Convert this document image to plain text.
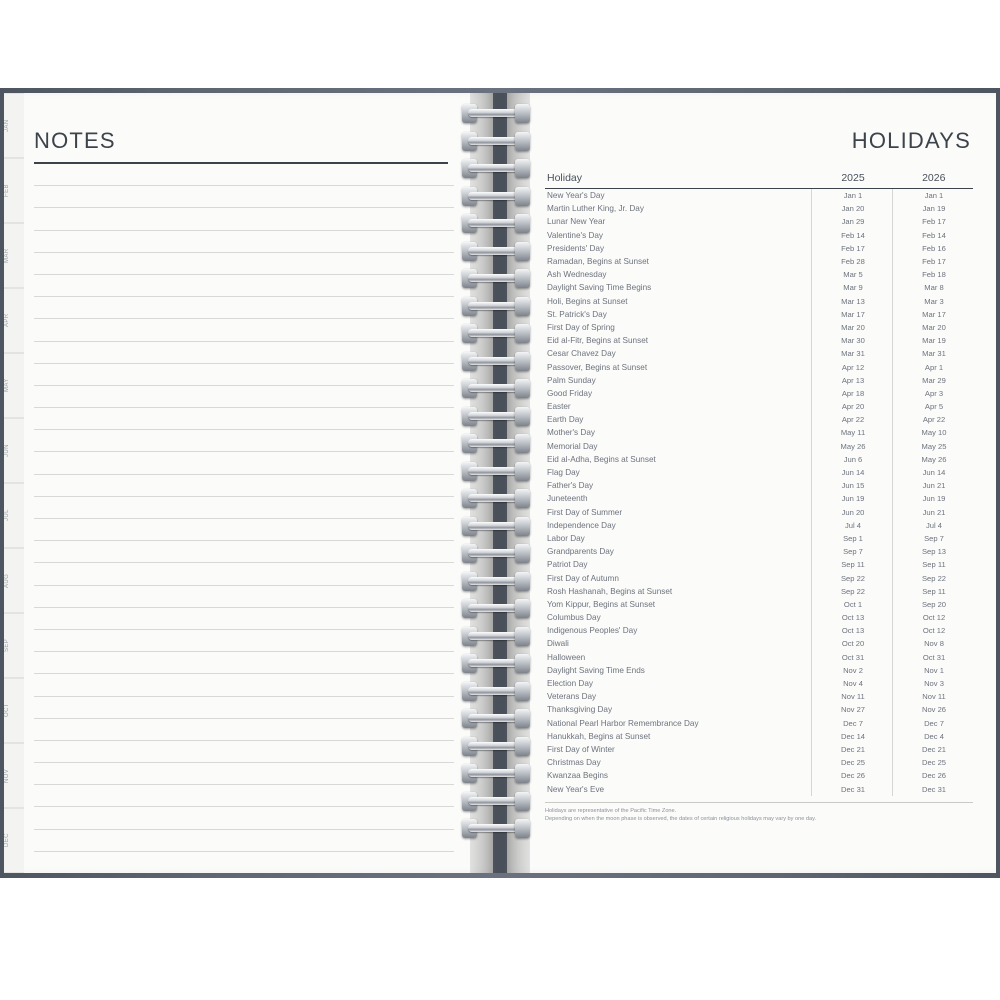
JAN
FEB
MAR
APR
MAY
JUN
JUL
AUG
SEP
OCT
NOV
DEC
NOTES	HOLIDAYS
Holiday	2025	2026
New Year's Day	Jan 1	Jan 1
Martin Luther King, Jr. Day	Jan 20	Jan 19
Lunar New Year	Jan 29	Feb 17
Valentine's Day	Feb 14	Feb 14
Presidents' Day	Feb 17	Feb 16
Ramadan, Begins at Sunset	Feb 28	Feb 17
Ash Wednesday	Mar 5	Feb 18
Daylight Saving Time Begins	Mar 9	Mar 8
Holi, Begins at Sunset	Mar 13	Mar 3
St. Patrick's Day	Mar 17	Mar 17
First Day of Spring	Mar 20	Mar 20
Eid al-Fitr, Begins at Sunset	Mar 30	Mar 19
Cesar Chavez Day	Mar 31	Mar 31
Passover, Begins at Sunset	Apr 12	Apr 1
Palm Sunday	Apr 13	Mar 29
Good Friday	Apr 18	Apr 3
Easter	Apr 20	Apr 5
Earth Day	Apr 22	Apr 22
Mother's Day	May 11	May 10
Memorial Day	May 26	May 25
Eid al-Adha, Begins at Sunset	Jun 6	May 26
Flag Day	Jun 14	Jun 14
Father's Day	Jun 15	Jun 21
Juneteenth	Jun 19	Jun 19
First Day of Summer	Jun 20	Jun 21
Independence Day	Jul 4	Jul 4
Labor Day	Sep 1	Sep 7
Grandparents Day	Sep 7	Sep 13
Patriot Day	Sep 11	Sep 11
First Day of Autumn	Sep 22	Sep 22
Rosh Hashanah, Begins at Sunset	Sep 22	Sep 11
Yom Kippur, Begins at Sunset	Oct 1	Sep 20
Columbus Day	Oct 13	Oct 12
Indigenous Peoples' Day	Oct 13	Oct 12
Diwali	Oct 20	Nov 8
Halloween	Oct 31	Oct 31
Daylight Saving Time Ends	Nov 2	Nov 1
Election Day	Nov 4	Nov 3
Veterans Day	Nov 11	Nov 11
Thanksgiving Day	Nov 27	Nov 26
National Pearl Harbor Remembrance Day	Dec 7	Dec 7
Hanukkah, Begins at Sunset	Dec 14	Dec 4
First Day of Winter	Dec 21	Dec 21
Christmas Day	Dec 25	Dec 25
Kwanzaa Begins	Dec 26	Dec 26
New Year's Eve	Dec 31	Dec 31
Holidays are representative of the Pacific Time Zone.
Depending on when the moon phase is observed, the dates of certain religious holidays may vary by one day.
